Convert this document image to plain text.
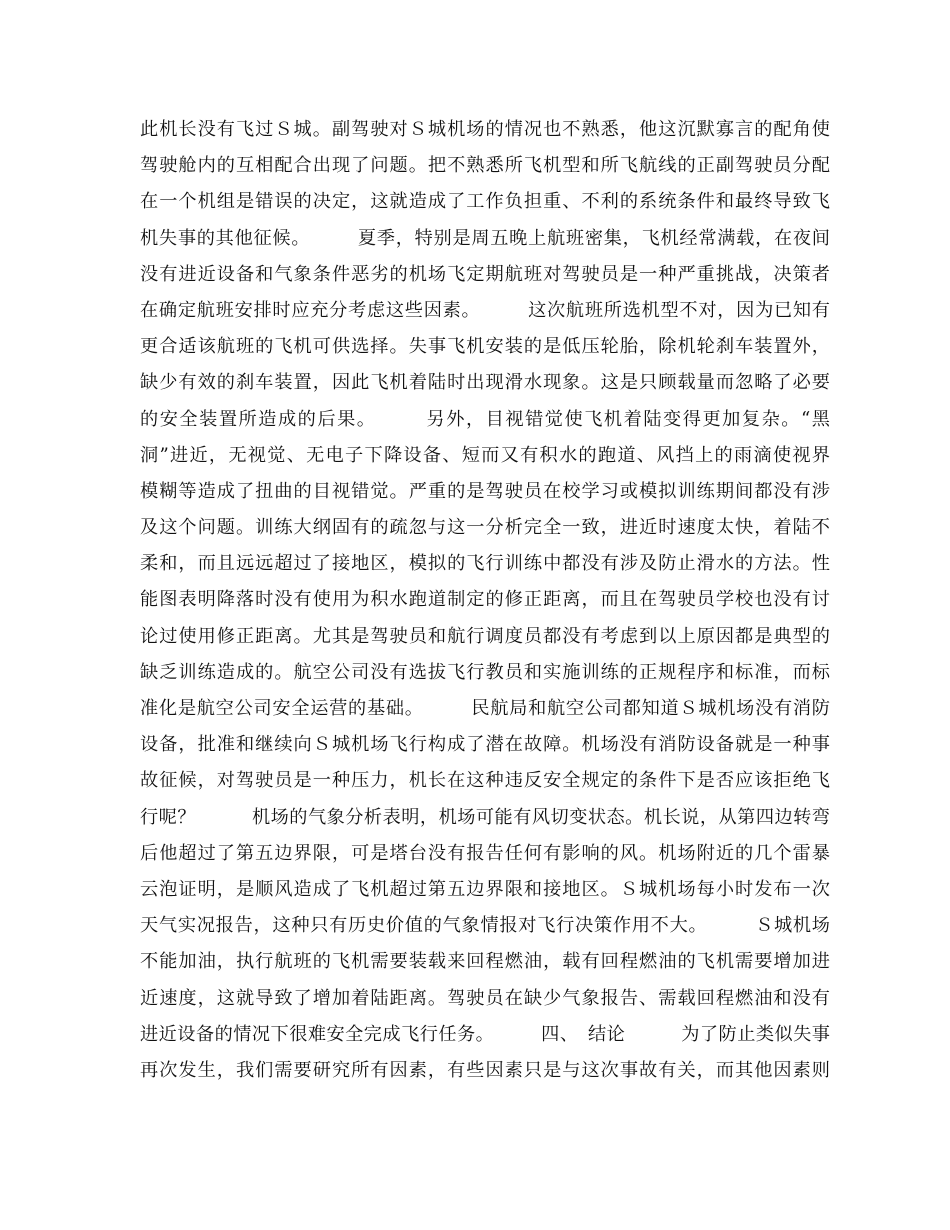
此机长没有飞过Ｓ城。副驾驶对Ｓ城机场的情况也不熟悉，他这沉默寡言的配角使
驾驶舱内的互相配合出现了问题。把不熟悉所飞机型和所飞航线的正副驾驶员分配
在一个机组是错误的决定，这就造成了工作负担重、不利的系统条件和最终导致飞
机失事的其他征候。　　　夏季，特别是周五晚上航班密集，飞机经常满载，在夜间
没有进近设备和气象条件恶劣的机场飞定期航班对驾驶员是一种严重挑战，决策者
在确定航班安排时应充分考虑这些因素。　　　这次航班所选机型不对，因为已知有
更合适该航班的飞机可供选择。失事飞机安装的是低压轮胎，除机轮刹车装置外，
缺少有效的刹车装置，因此飞机着陆时出现滑水现象。这是只顾载量而忽略了必要
的安全装置所造成的后果。　　　另外，目视错觉使飞机着陆变得更加复杂。“黑
洞”进近，无视觉、无电子下降设备、短而又有积水的跑道、风挡上的雨滴使视界
模糊等造成了扭曲的目视错觉。严重的是驾驶员在校学习或模拟训练期间都没有涉
及这个问题。训练大纲固有的疏忽与这一分析完全一致，进近时速度太快，着陆不
柔和，而且远远超过了接地区，模拟的飞行训练中都没有涉及防止滑水的方法。性
能图表明降落时没有使用为积水跑道制定的修正距离，而且在驾驶员学校也没有讨
论过使用修正距离。尤其是驾驶员和航行调度员都没有考虑到以上原因都是典型的
缺乏训练造成的。航空公司没有选拔飞行教员和实施训练的正规程序和标准，而标
准化是航空公司安全运营的基础。　　　民航局和航空公司都知道Ｓ城机场没有消防
设备，批准和继续向Ｓ城机场飞行构成了潜在故障。机场没有消防设备就是一种事
故征候，对驾驶员是一种压力，机长在这种违反安全规定的条件下是否应该拒绝飞
行呢？　　　机场的气象分析表明，机场可能有风切变状态。机长说，从第四边转弯
后他超过了第五边界限，可是塔台没有报告任何有影响的风。机场附近的几个雷暴
云泡证明，是顺风造成了飞机超过第五边界限和接地区。Ｓ城机场每小时发布一次
天气实况报告，这种只有历史价值的气象情报对飞行决策作用不大。　　　Ｓ城机场
不能加油，执行航班的飞机需要装载来回程燃油，载有回程燃油的飞机需要增加进
近速度，这就导致了增加着陆距离。驾驶员在缺少气象报告、需载回程燃油和没有
进近设备的情况下很难安全完成飞行任务。　　　四、　结论　　　为了防止类似失事
再次发生，我们需要研究所有因素，有些因素只是与这次事故有关，而其他因素则
